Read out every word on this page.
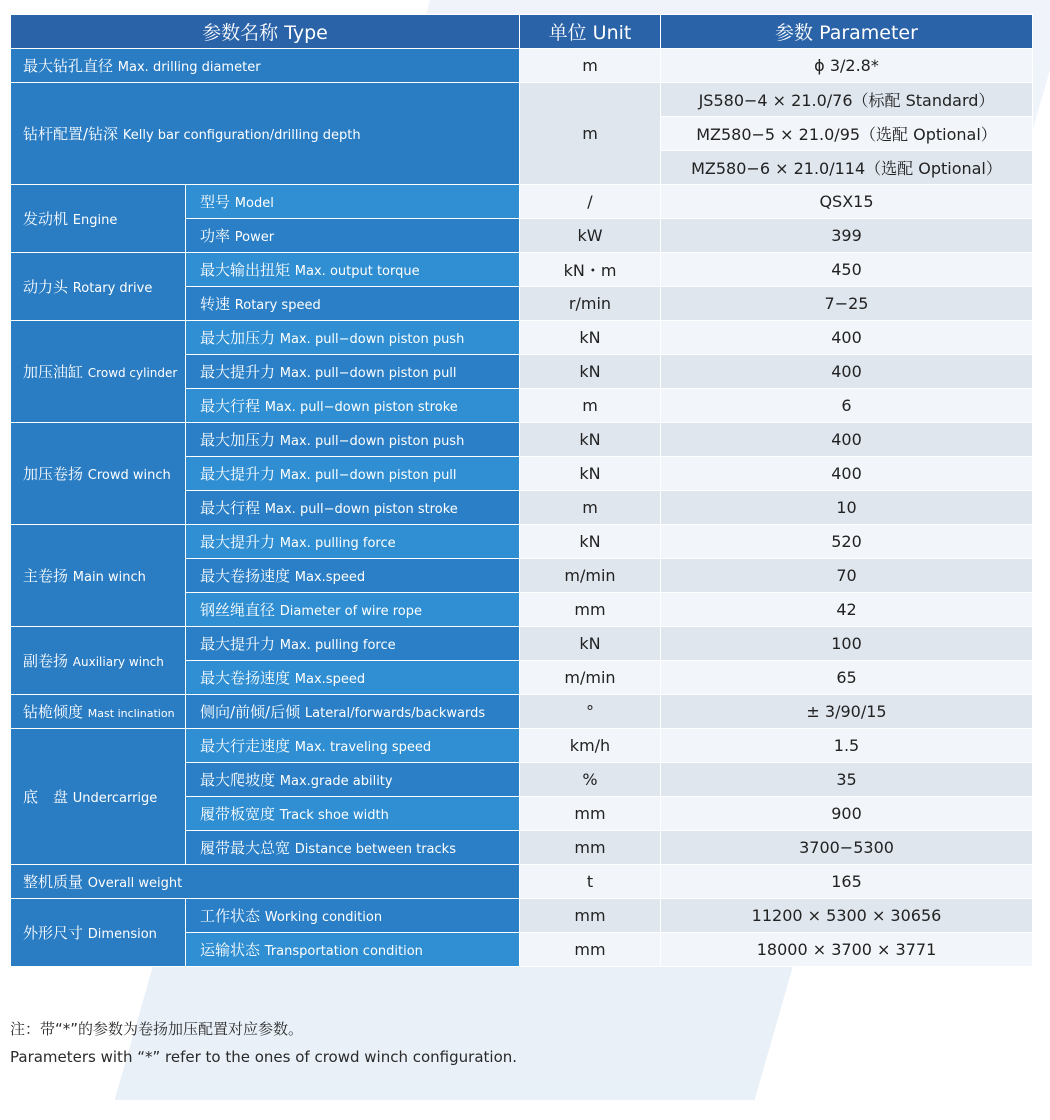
参数名称 Type		单位 Unit	参数 Parameter
最大钻孔直径 Max. drilling diameter		m	ϕ 3/2.8*
钻杆配置/钻深 Kelly bar configuration/drilling depth		m	JS580−4 × 21.0/76（标配 Standard）
			MZ580−5 × 21.0/95（选配 Optional）
			MZ580−6 × 21.0/114（选配 Optional）
发动机 Engine	型号 Model	/	QSX15
	功率 Power	kW	399
动力头 Rotary drive	最大输出扭矩 Max. output torque	kN・m	450
	转速 Rotary speed	r/min	7−25
加压油缸 Crowd cylinder	最大加压力 Max. pull−down piston push	kN	400
	最大提升力 Max. pull−down piston pull	kN	400
	最大行程 Max. pull−down piston stroke	m	6
加压卷扬 Crowd winch	最大加压力 Max. pull−down piston push	kN	400
	最大提升力 Max. pull−down piston pull	kN	400
	最大行程 Max. pull−down piston stroke	m	10
主卷扬 Main winch	最大提升力 Max. pulling force	kN	520
	最大卷扬速度 Max.speed	m/min	70
	钢丝绳直径 Diameter of wire rope	mm	42
副卷扬 Auxiliary winch	最大提升力 Max. pulling force	kN	100
	最大卷扬速度 Max.speed	m/min	65
钻桅倾度 Mast inclination	侧向/前倾/后倾 Lateral/forwards/backwards	°	± 3/90/15
底　盘 Undercarrige	最大行走速度 Max. traveling speed	km/h	1.5
	最大爬坡度 Max.grade ability	%	35
	履带板宽度 Track shoe width	mm	900
	履带最大总宽 Distance between tracks	mm	3700−5300
整机质量 Overall weight		t	165
外形尺寸 Dimension	工作状态 Working condition	mm	11200 × 5300 × 30656
	运输状态 Transportation condition	mm	18000 × 3700 × 3771
注：带“*”的参数为卷扬加压配置对应参数。
Parameters with “*” refer to the ones of crowd winch configuration.
